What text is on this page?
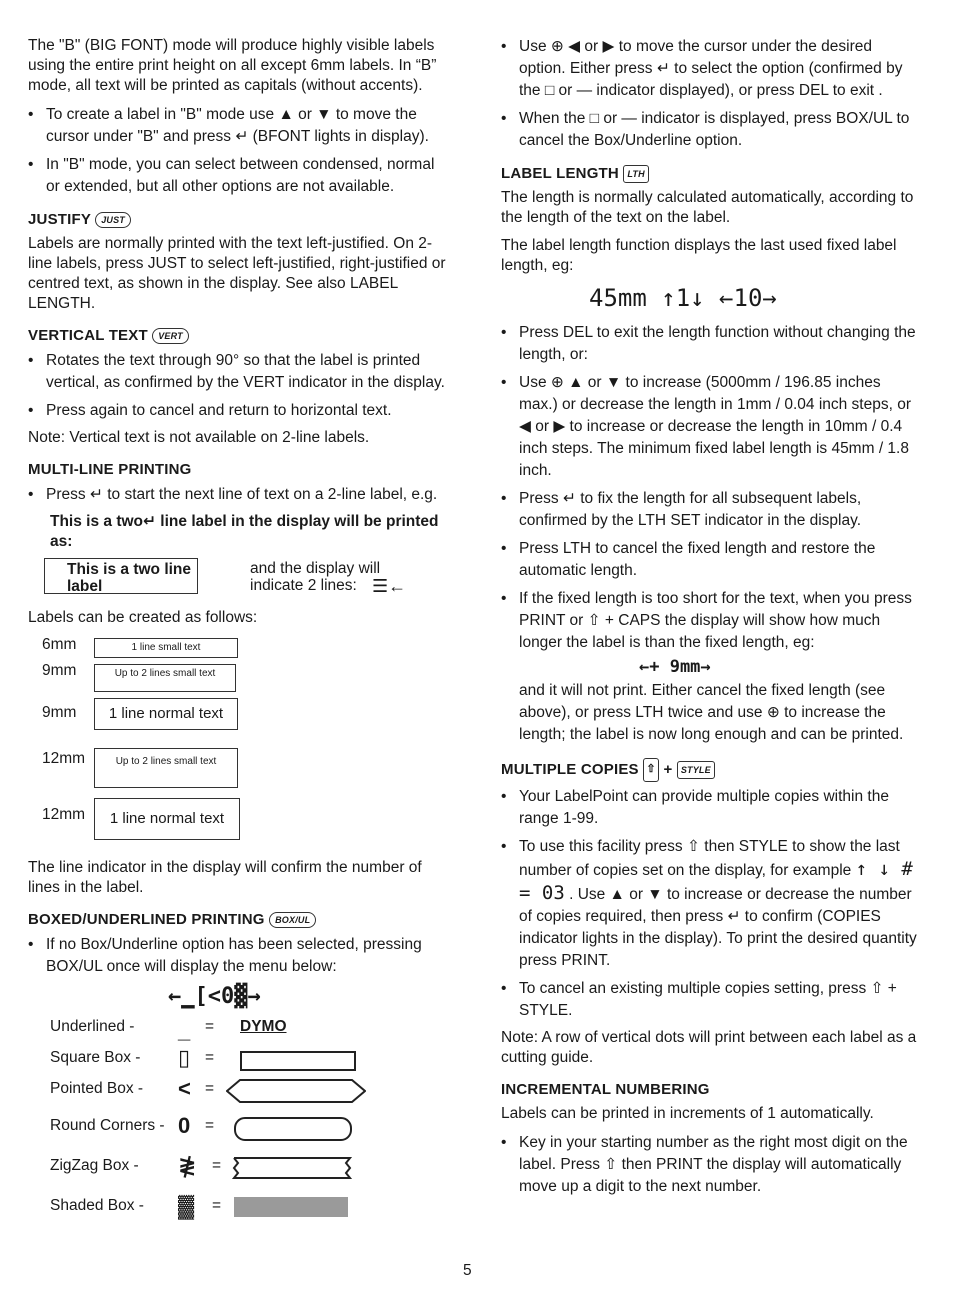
The "B" (BIG FONT) mode will produce highly visible labels using the entire print height on all except 6mm labels. In “B” mode, all text will be printed as capitals (without accents).

• To create a label in "B" mode use ▲ or ▼ to move the cursor under "B" and press ↵ (BFONT lights in display).
• In "B" mode, you can select between condensed, normal or extended, but all other options are not available.
JUSTIFY JUST

Labels are normally printed with the text left-justified. On 2-line labels, press JUST to select left-justified, right-justified or centred text, as shown in the display. See also LABEL LENGTH.

VERTICAL TEXT VERT
• Rotates the text through 90° so that the label is printed vertical, as confirmed by the VERT indicator in the display.
• Press again to cancel and return to horizontal text.

Note: Vertical text is not available on 2-line labels.

MULTI-LINE PRINTING
• Press ↵ to start the next line of text on a 2-line label, e.g.

This is a two↵ line label in the display will be printed as:

This is a two line label
and the display will indicate 2 lines: ☰←

Labels can be created as follows:

6mm	1 line small text
9mm	Up to 2 lines small text
9mm	1 line normal text
12mm	Up to 2 lines small text
12mm	1 line normal text

The line indicator in the display will confirm the number of lines in the label.

BOXED/UNDERLINED PRINTING BOX/UL
• If no Box/Underline option has been selected, pressing BOX/UL once will display the menu below:
←▁[<0▓→
Underlined - _ = DYMO
Square Box - ▯ =
Pointed Box - < =
Round Corners - 0 =
ZigZag Box - ≹ =
Shaded Box - ▓ =
• Use ⊕ ◀ or ▶ to move the cursor under the desired option. Either press ↵ to select the option (confirmed by the □ or — indicator displayed), or press DEL to exit .
• When the □ or — indicator is displayed, press BOX/UL to cancel the Box/Underline option.
LABEL LENGTH LTH

The length is normally calculated automatically, according to the length of the text on the label.

The label length function displays the last used fixed label length, eg:

45mm ↑1↓ ←10→
• Press DEL to exit the length function without changing the length, or:
• Use ⊕ ▲ or ▼ to increase (5000mm / 196.85 inches max.) or decrease the length in 1mm / 0.04 inch steps, or ◀ or ▶ to increase or decrease the length in 10mm / 0.4 inch steps. The minimum fixed label length is 45mm / 1.8 inch.
• Press ↵ to fix the length for all subsequent labels, confirmed by the LTH SET indicator in the display.
• Press LTH to cancel the fixed length and restore the automatic length.
• If the fixed length is too short for the text, when you press PRINT or ⇧ + CAPS the display will show how much longer the label is than the fixed length, eg:
←+ 9mm→
and it will not print. Either cancel the fixed length (see above), or press LTH twice and use ⊕ to increase the length; the label is now long enough and can be printed.
MULTIPLE COPIES ⇧ + STYLE
• Your LabelPoint can provide multiple copies within the range 1-99.
• To use this facility press ⇧ then STYLE to show the last number of copies set on the display, for example ↑ ↓ # = 03 . Use ▲ or ▼ to increase or decrease the number of copies required, then press ↵ to confirm (COPIES indicator lights in the display). To print the desired quantity press PRINT.
• To cancel an existing multiple copies setting, press ⇧ + STYLE.

Note: A row of vertical dots will print between each label as a cutting guide.

INCREMENTAL NUMBERING

Labels can be printed in increments of 1 automatically.

• Key in your starting number as the right most digit on the label. Press ⇧ then PRINT the display will automatically move up a digit to the next number.
5
